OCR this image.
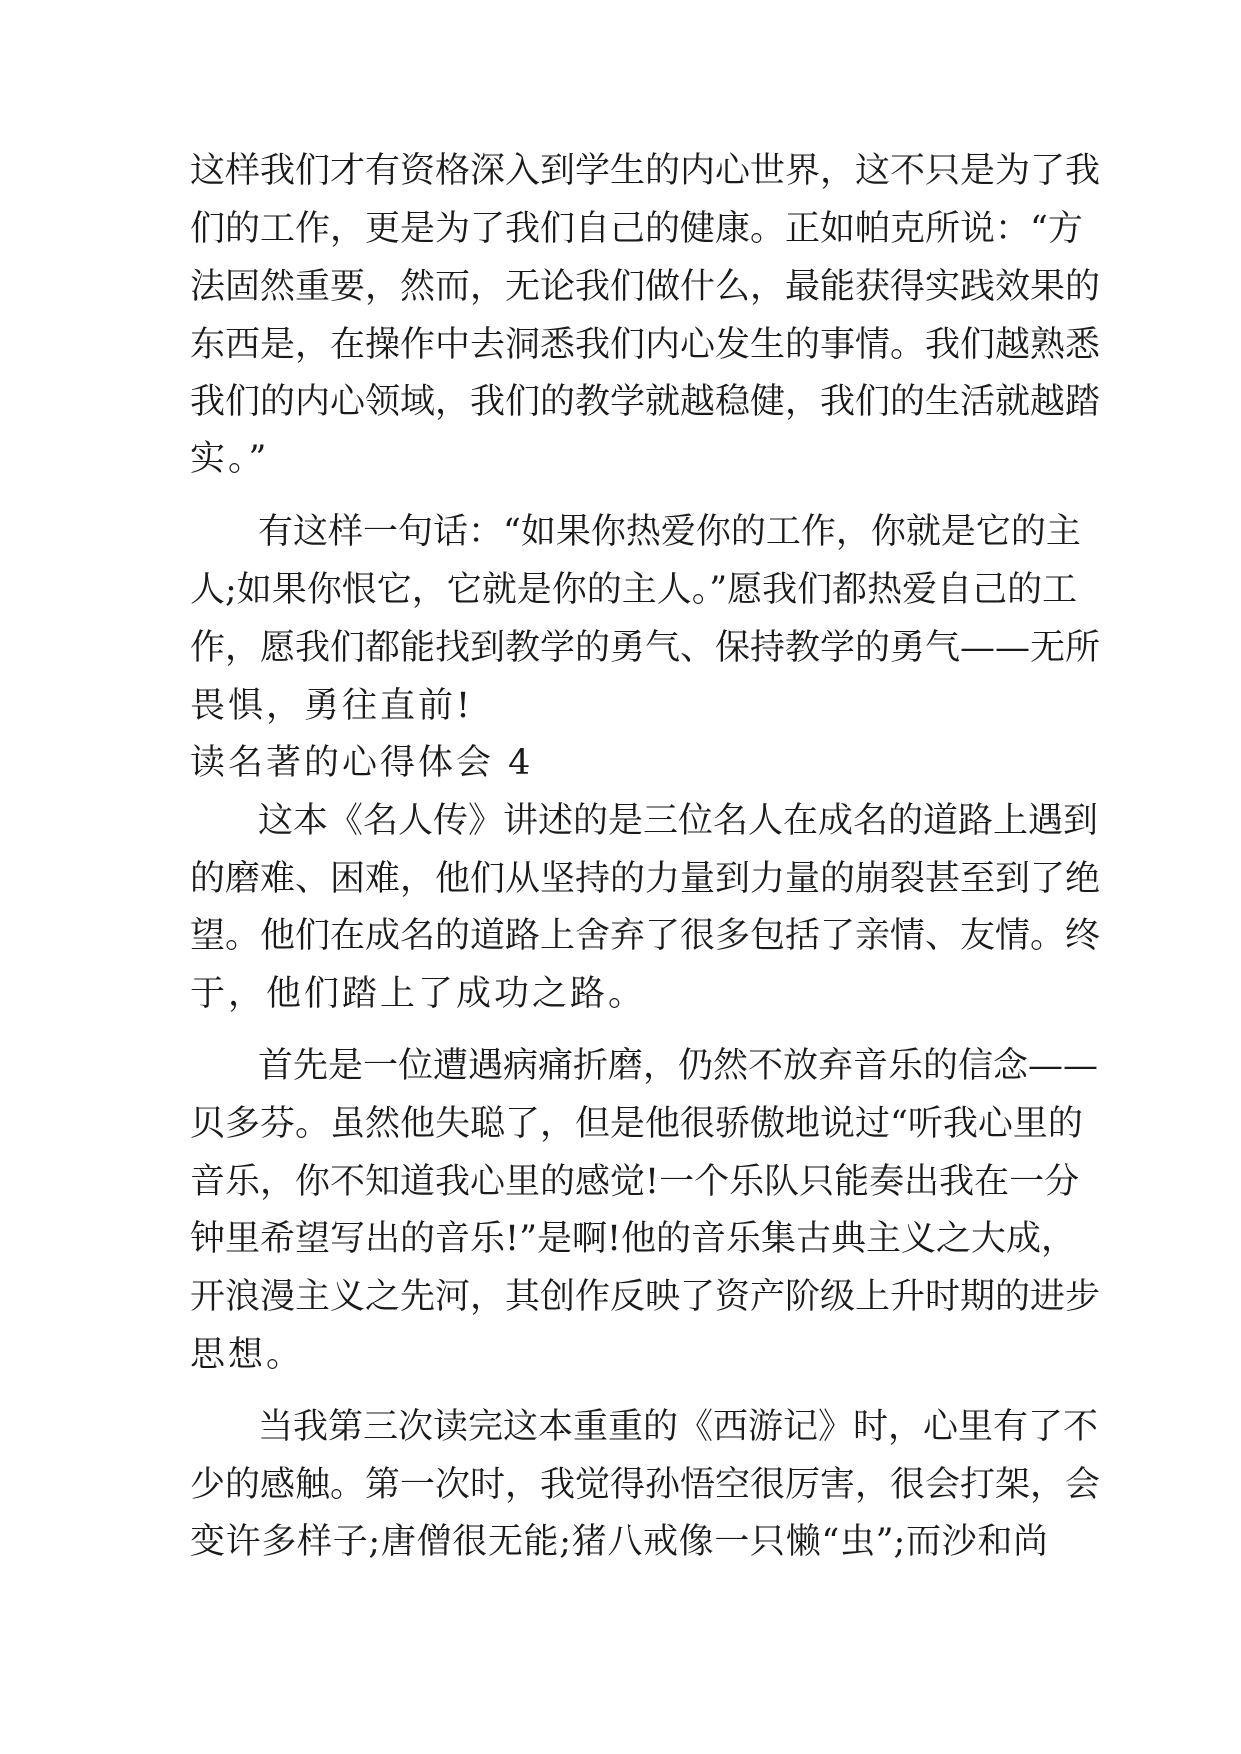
这样我们才有资格深入到学生的内心世界，这不只是为了我
们的工作，更是为了我们自己的健康。正如帕克所说：“方
法固然重要，然而，无论我们做什么，最能获得实践效果的
东西是，在操作中去洞悉我们内心发生的事情。我们越熟悉
我们的内心领域，我们的教学就越稳健，我们的生活就越踏
实。”
有这样一句话：“如果你热爱你的工作，你就是它的主
人;如果你恨它，它就是你的主人。”愿我们都热爱自己的工
作，愿我们都能找到教学的勇气、保持教学的勇气——无所
畏惧，勇往直前!
读名著的心得体会 4
这本《名人传》讲述的是三位名人在成名的道路上遇到
的磨难、困难，他们从坚持的力量到力量的崩裂甚至到了绝
望。他们在成名的道路上舍弃了很多包括了亲情、友情。终
于，他们踏上了成功之路。
首先是一位遭遇病痛折磨，仍然不放弃音乐的信念——
贝多芬。虽然他失聪了，但是他很骄傲地说过“听我心里的
音乐，你不知道我心里的感觉!一个乐队只能奏出我在一分
钟里希望写出的音乐!”是啊!他的音乐集古典主义之大成，
开浪漫主义之先河，其创作反映了资产阶级上升时期的进步
思想。
当我第三次读完这本重重的《西游记》时，心里有了不
少的感触。第一次时，我觉得孙悟空很厉害，很会打架，会
变许多样子;唐僧很无能;猪八戒像一只懒“虫”;而沙和尚
